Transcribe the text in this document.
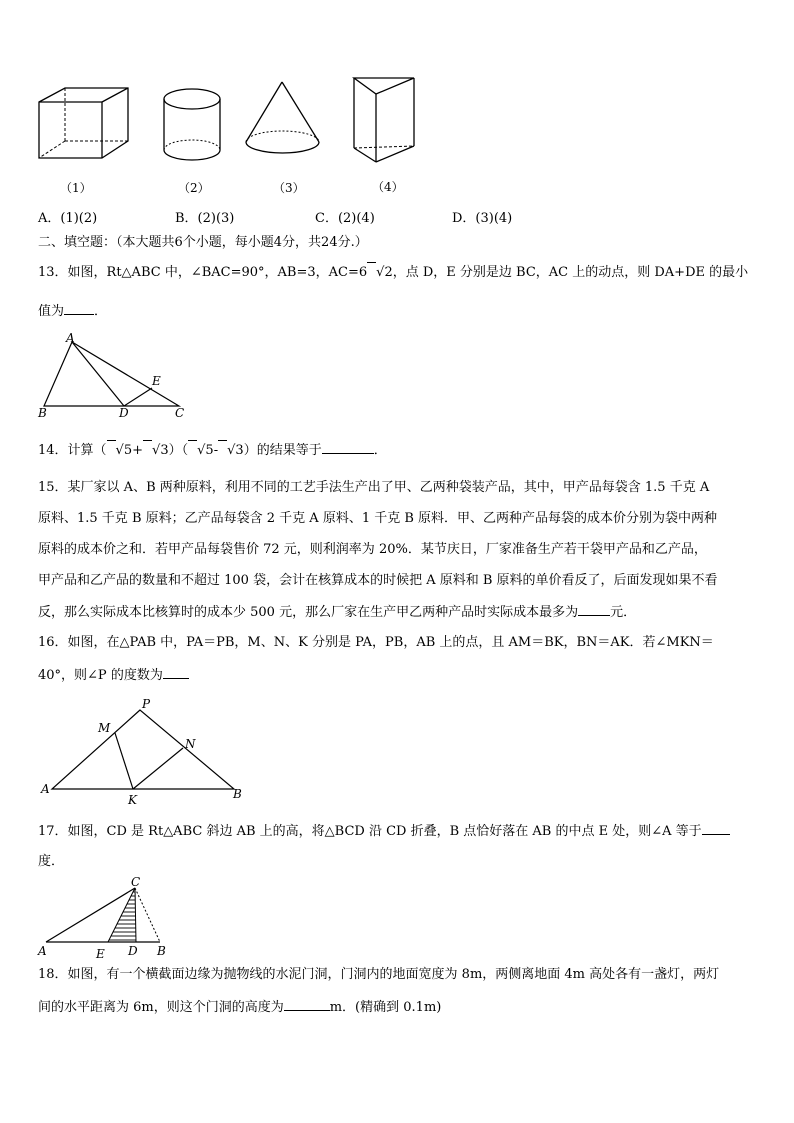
（1）	（2）	（3）	（4）
A．(1)(2)	B．(2)(3)	C．(2)(4)	D．(3)(4)
二、填空题：（本大题共6个小题，每小题4分，共24分.）
13．如图，Rt△ABC 中，∠BAC=90°，AB=3，AC=6 √2，点 D，E 分别是边 BC，AC 上的动点，则 DA+DE 的最小
值为 ．
A
B	D
E
C
14．计算（ √5+ √3）（ √5- √3）的结果等于	．
15．某厂家以 A、B 两种原料，利用不同的工艺手法生产出了甲、乙两种袋装产品，其中，甲产品每袋含 1.5 千克 A
原料、1.5 千克 B 原料；乙产品每袋含 2 千克 A 原料、1 千克 B 原料．甲、乙两种产品每袋的成本价分别为袋中两种
原料的成本价之和．若甲产品每袋售价 72 元，则利润率为 20%．某节庆日，厂家准备生产若干袋甲产品和乙产品，
甲产品和乙产品的数量和不超过 100 袋，会计在核算成本的时候把 A 原料和 B 原料的单价看反了，后面发现如果不看
反，那么实际成本比核算时的成本少 500 元，那么厂家在生产甲乙两种产品时实际成本最多为 元．
16．如图，在△PAB 中，PA＝PB，M、N、K 分别是 PA，PB，AB 上的点，且 AM＝BK，BN＝AK．若∠MKN＝
40°，则∠P 的度数为
P
M
N
A
K	B
17．如图，CD 是 Rt△ABC 斜边 AB 上的高，将△BCD 沿 CD 折叠，B 点恰好落在 AB 的中点 E 处，则∠A 等于
度．
C
A	E D B
18．如图，有一个横截面边缘为抛物线的水泥门洞，门洞内的地面宽度为 8m，两侧离地面 4m 高处各有一盏灯，两灯
间的水平距离为 6m，则这个门洞的高度为	m．(精确到 0.1m)
